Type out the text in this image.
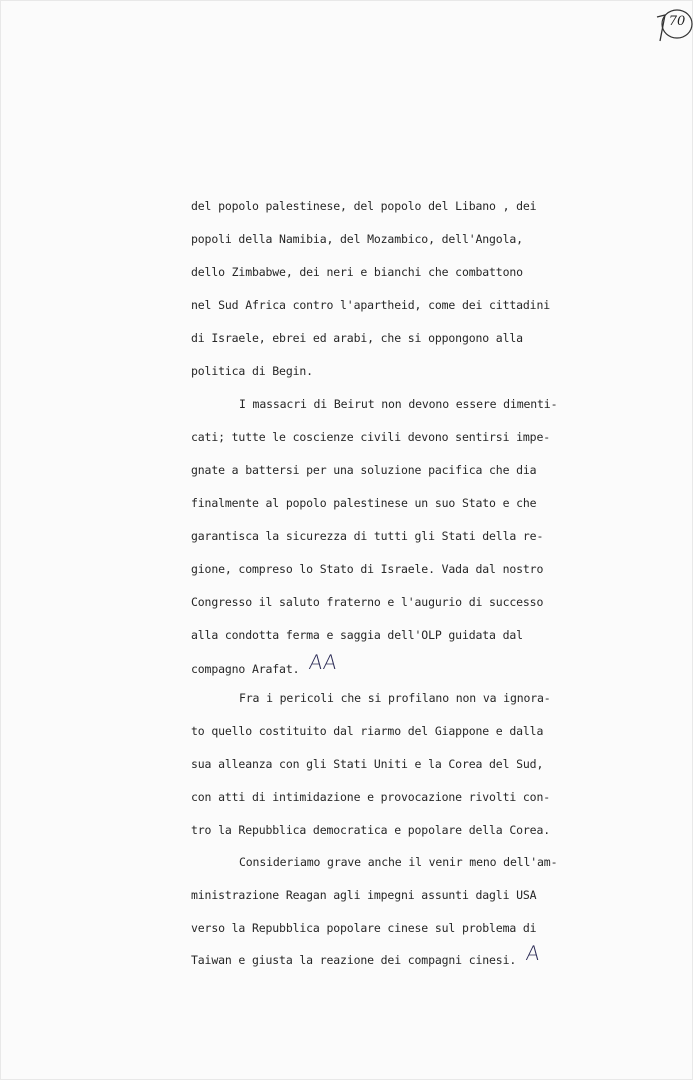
70
del popolo palestinese, del popolo del Libano , dei
popoli della Namibia, del Mozambico, dell'Angola,
dello Zimbabwe, dei neri e bianchi che combattono
nel Sud Africa contro l'apartheid, come dei cittadini
di Israele, ebrei ed arabi, che si oppongono alla
politica di Begin.
I massacri di Beirut non devono essere dimenti-
cati; tutte le coscienze civili devono sentirsi impe-
gnate a battersi per una soluzione pacifica che dia
finalmente al popolo palestinese un suo Stato e che
garantisca la sicurezza di tutti gli Stati della re-
gione, compreso lo Stato di Israele. Vada dal nostro
Congresso il saluto fraterno e l'augurio di successo
alla condotta ferma e saggia dell'OLP guidata dal
compagno Arafat. AA
Fra i pericoli che si profilano non va ignora-
to quello costituito dal riarmo del Giappone e dalla
sua alleanza con gli Stati Uniti e la Corea del Sud,
con atti di intimidazione e provocazione rivolti con-
tro la Repubblica democratica e popolare della Corea.
Consideriamo grave anche il venir meno dell'am-
ministrazione Reagan agli impegni assunti dagli USA
verso la Repubblica popolare cinese sul problema di
Taiwan e giusta la reazione dei compagni cinesi. A
